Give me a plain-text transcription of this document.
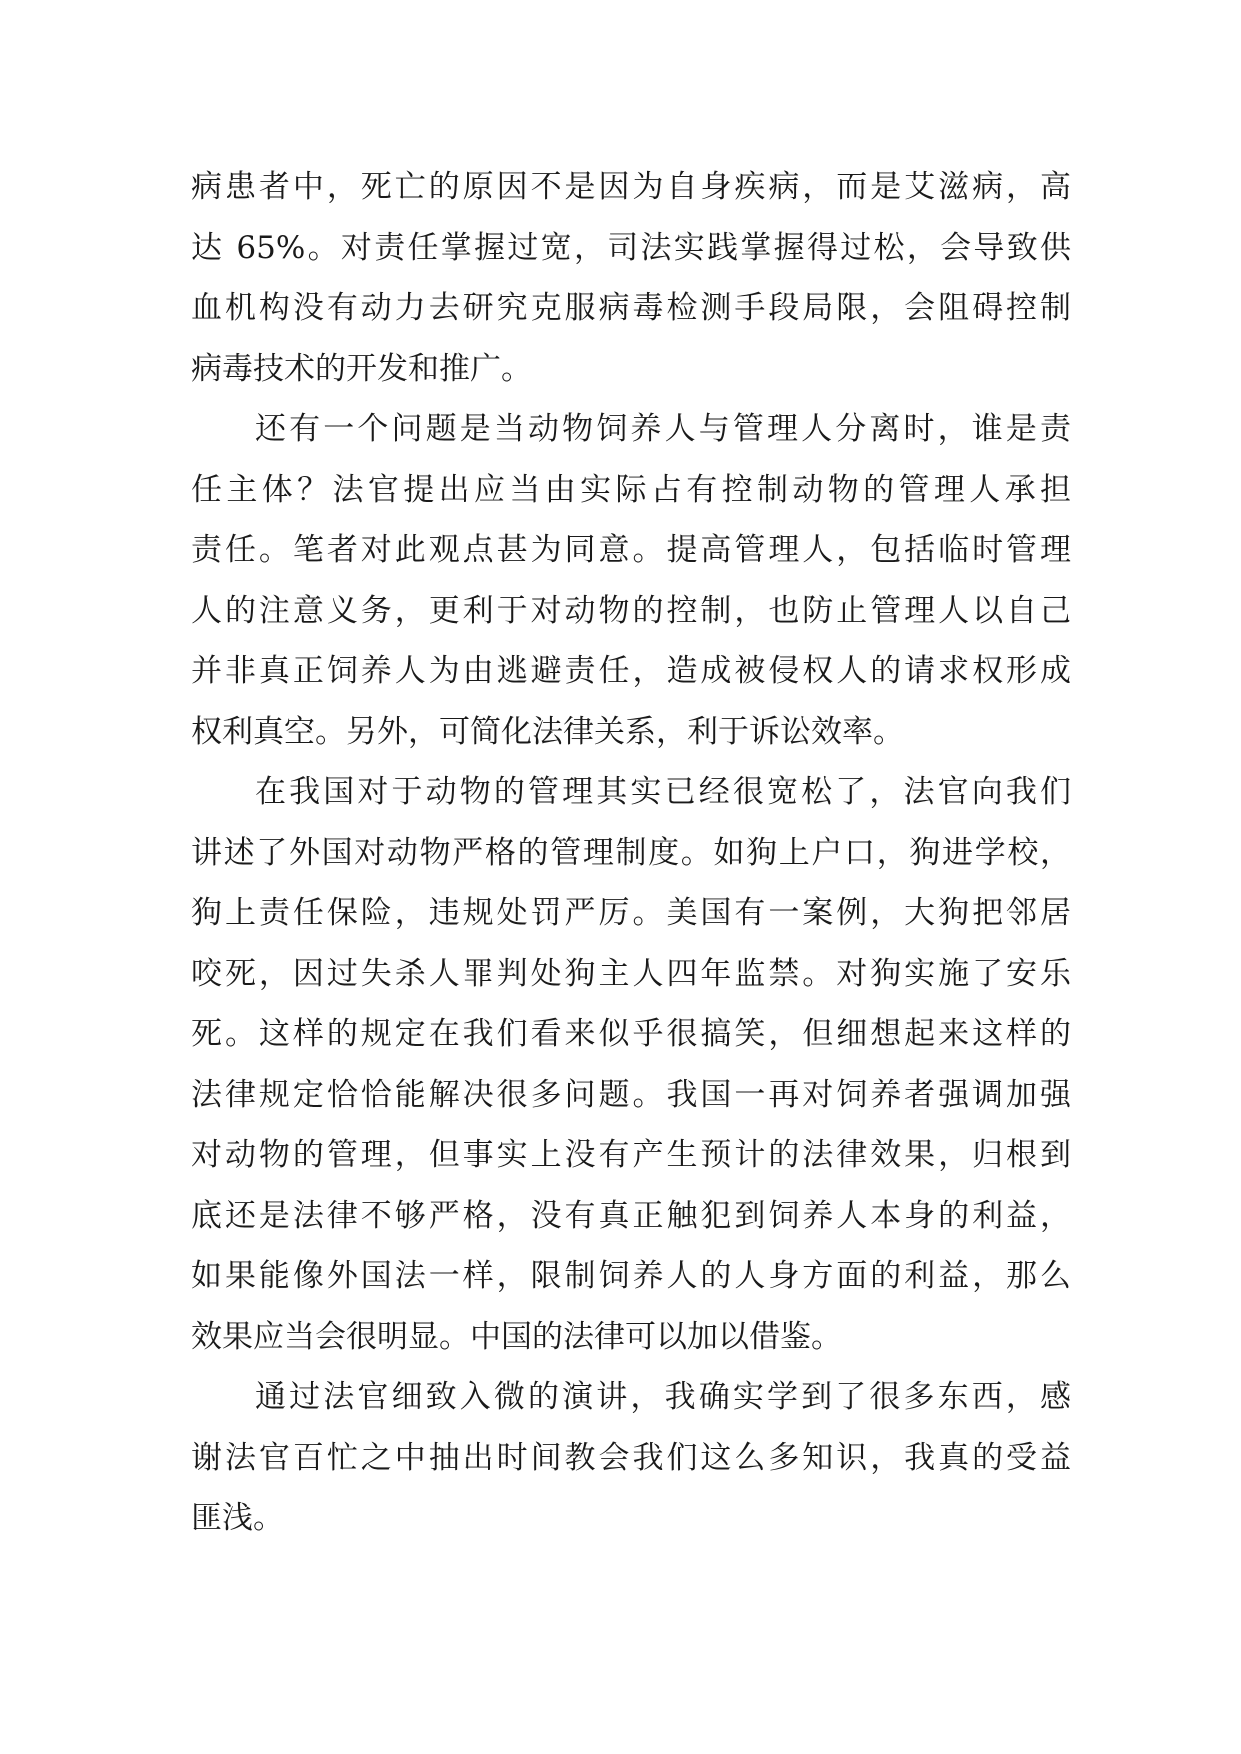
病患者中，死亡的原因不是因为自身疾病，而是艾滋病，高
达 65%。对责任掌握过宽，司法实践掌握得过松，会导致供
血机构没有动力去研究克服病毒检测手段局限，会阻碍控制
病毒技术的开发和推广。
还有一个问题是当动物饲养人与管理人分离时，谁是责
任主体？法官提出应当由实际占有控制动物的管理人承担
责任。笔者对此观点甚为同意。提高管理人，包括临时管理
人的注意义务，更利于对动物的控制，也防止管理人以自己
并非真正饲养人为由逃避责任，造成被侵权人的请求权形成
权利真空。另外，可简化法律关系，利于诉讼效率。
在我国对于动物的管理其实已经很宽松了，法官向我们
讲述了外国对动物严格的管理制度。如狗上户口，狗进学校，
狗上责任保险，违规处罚严厉。美国有一案例，大狗把邻居
咬死，因过失杀人罪判处狗主人四年监禁。对狗实施了安乐
死。这样的规定在我们看来似乎很搞笑，但细想起来这样的
法律规定恰恰能解决很多问题。我国一再对饲养者强调加强
对动物的管理，但事实上没有产生预计的法律效果，归根到
底还是法律不够严格，没有真正触犯到饲养人本身的利益，
如果能像外国法一样，限制饲养人的人身方面的利益，那么
效果应当会很明显。中国的法律可以加以借鉴。
通过法官细致入微的演讲，我确实学到了很多东西，感
谢法官百忙之中抽出时间教会我们这么多知识，我真的受益
匪浅。
